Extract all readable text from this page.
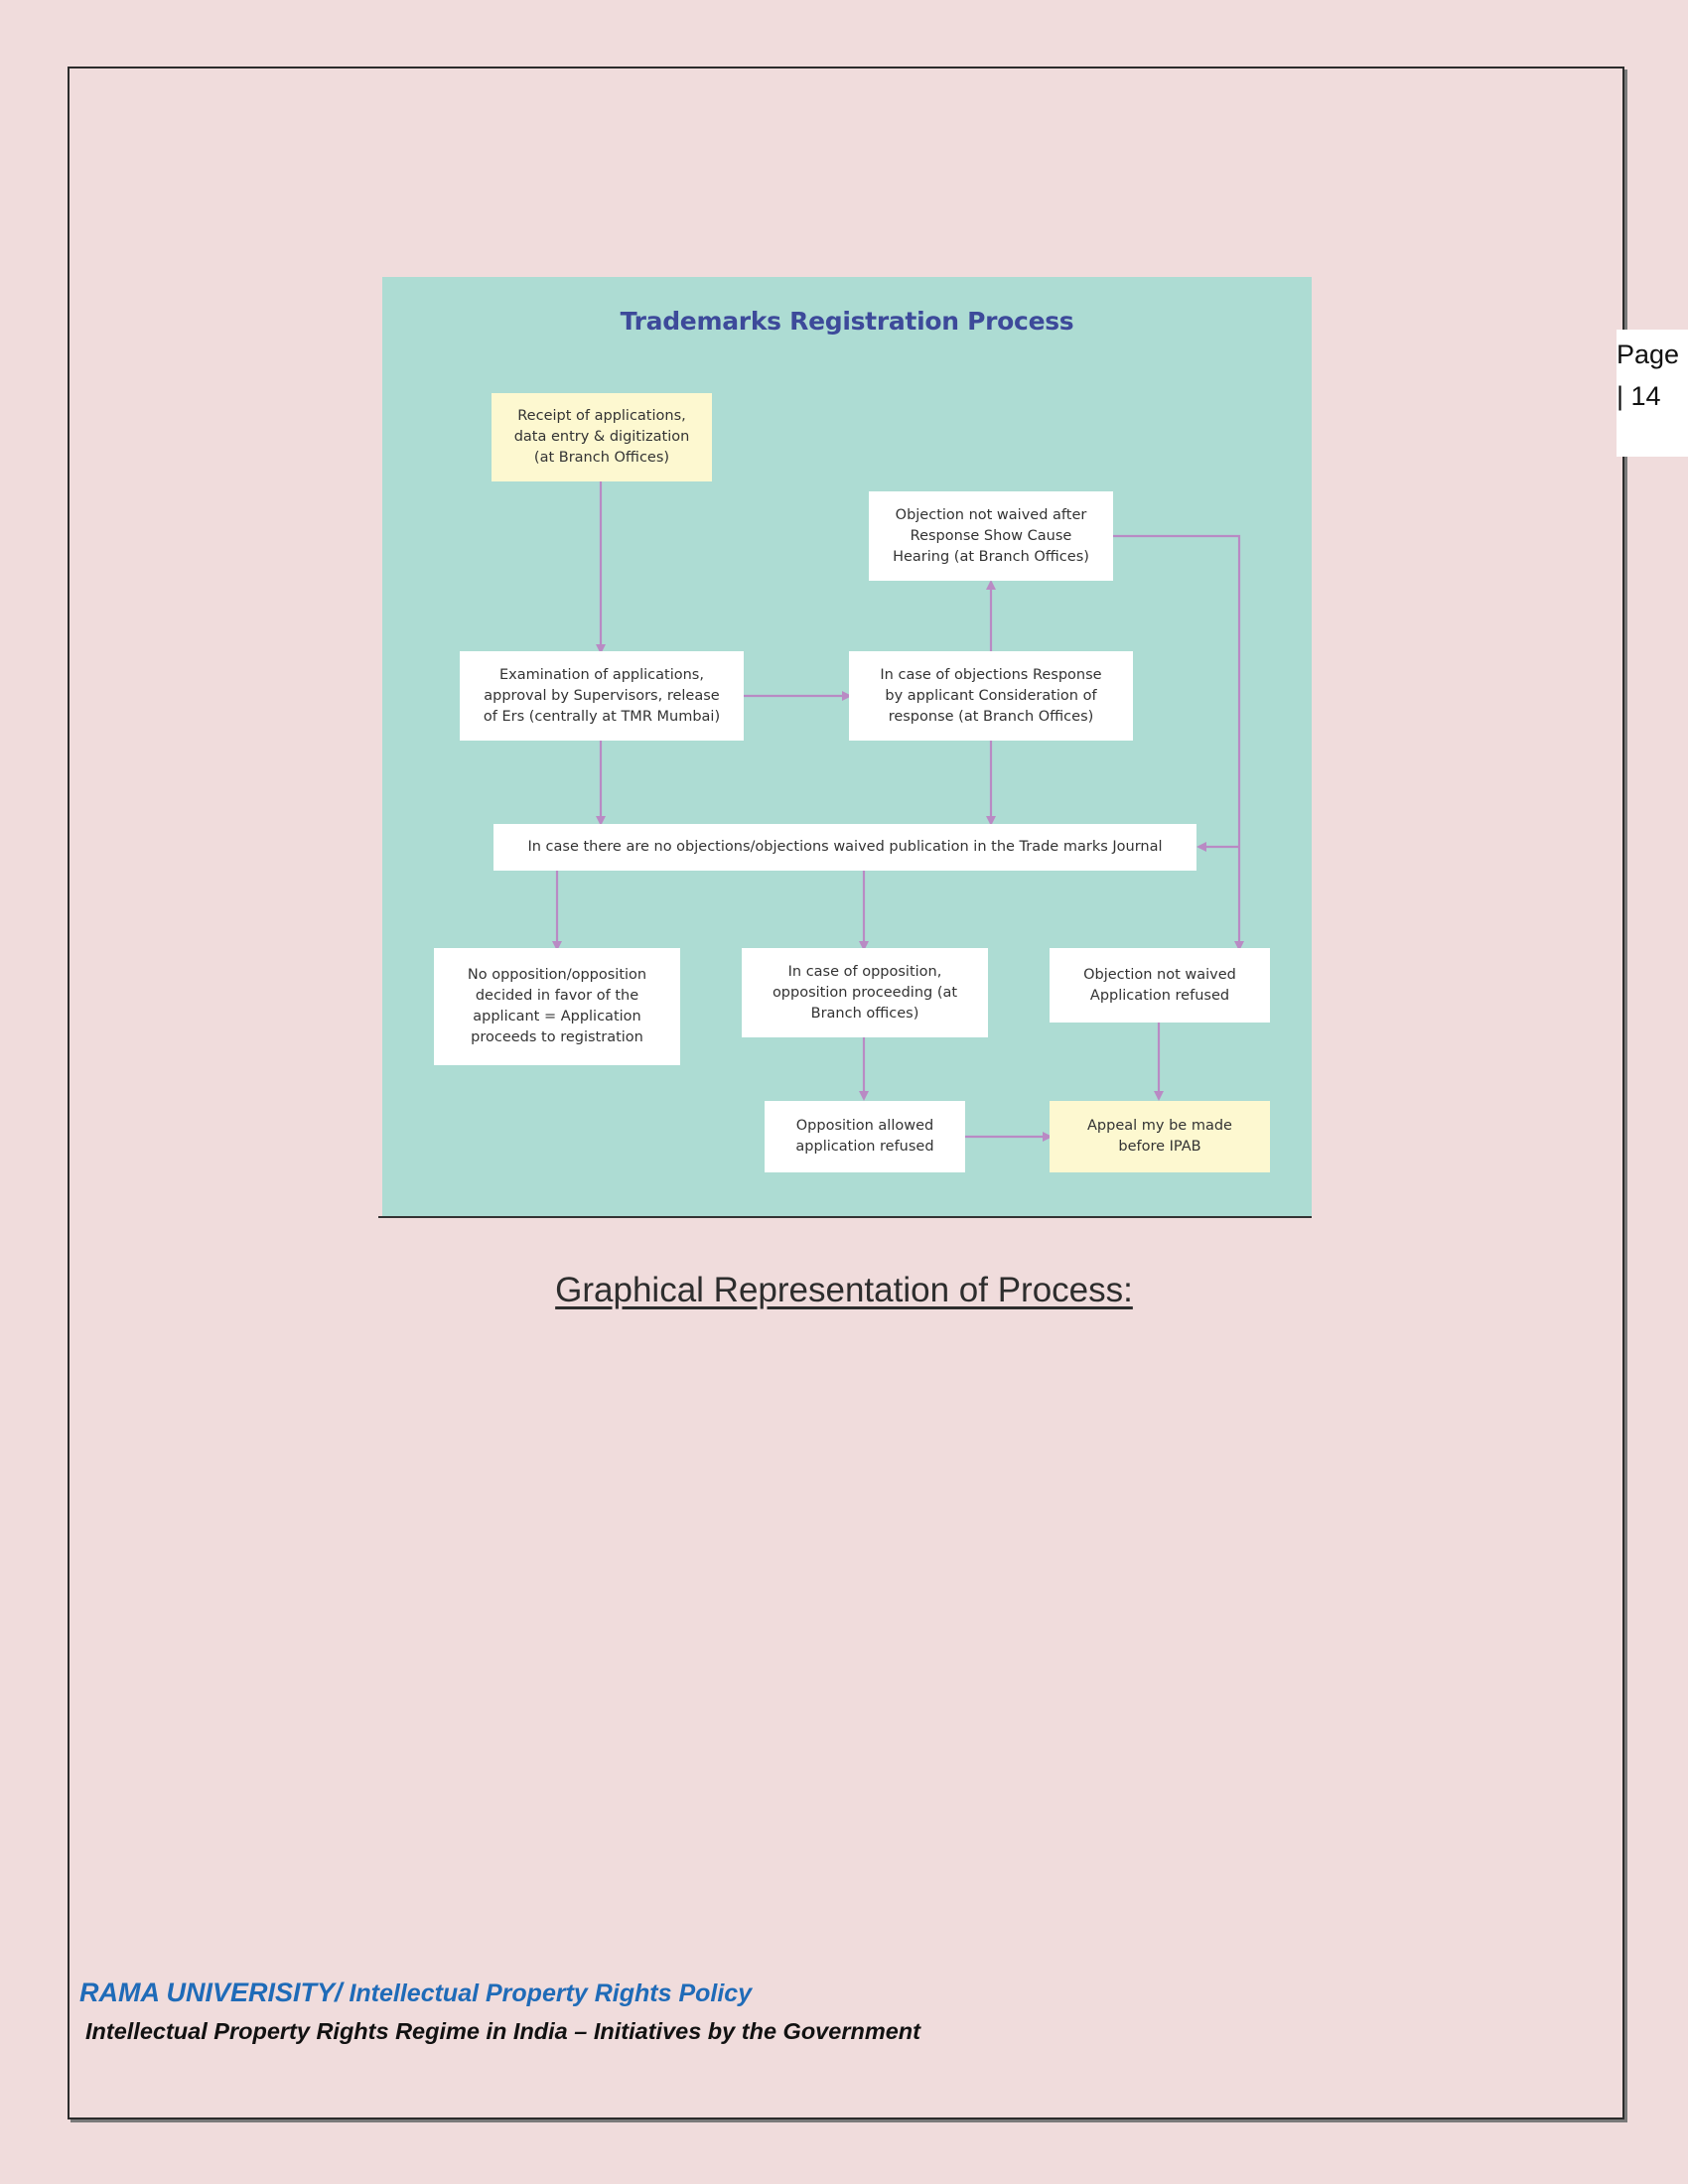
Page
| 14
Trademarks Registration Process
Receipt of applications,
data entry & digitization
(at Branch Offices)
Objection not waived after
Response Show Cause
Hearing (at Branch Offices)
Examination of applications,
approval by Supervisors, release
of Ers (centrally at TMR Mumbai)
In case of objections Response
by applicant Consideration of
response (at Branch Offices)
In case there are no objections/objections waived publication in the Trade marks Journal
No opposition/opposition
decided in favor of the
applicant = Application
proceeds to registration
In case of opposition,
opposition proceeding (at
Branch offices)
Objection not waived
Application refused
Opposition allowed
application refused
Appeal my be made
before IPAB
Graphical Representation of Process:
RAMA UNIVERISITY/ Intellectual Property Rights Policy
Intellectual Property Rights Regime in India – Initiatives by the Government
